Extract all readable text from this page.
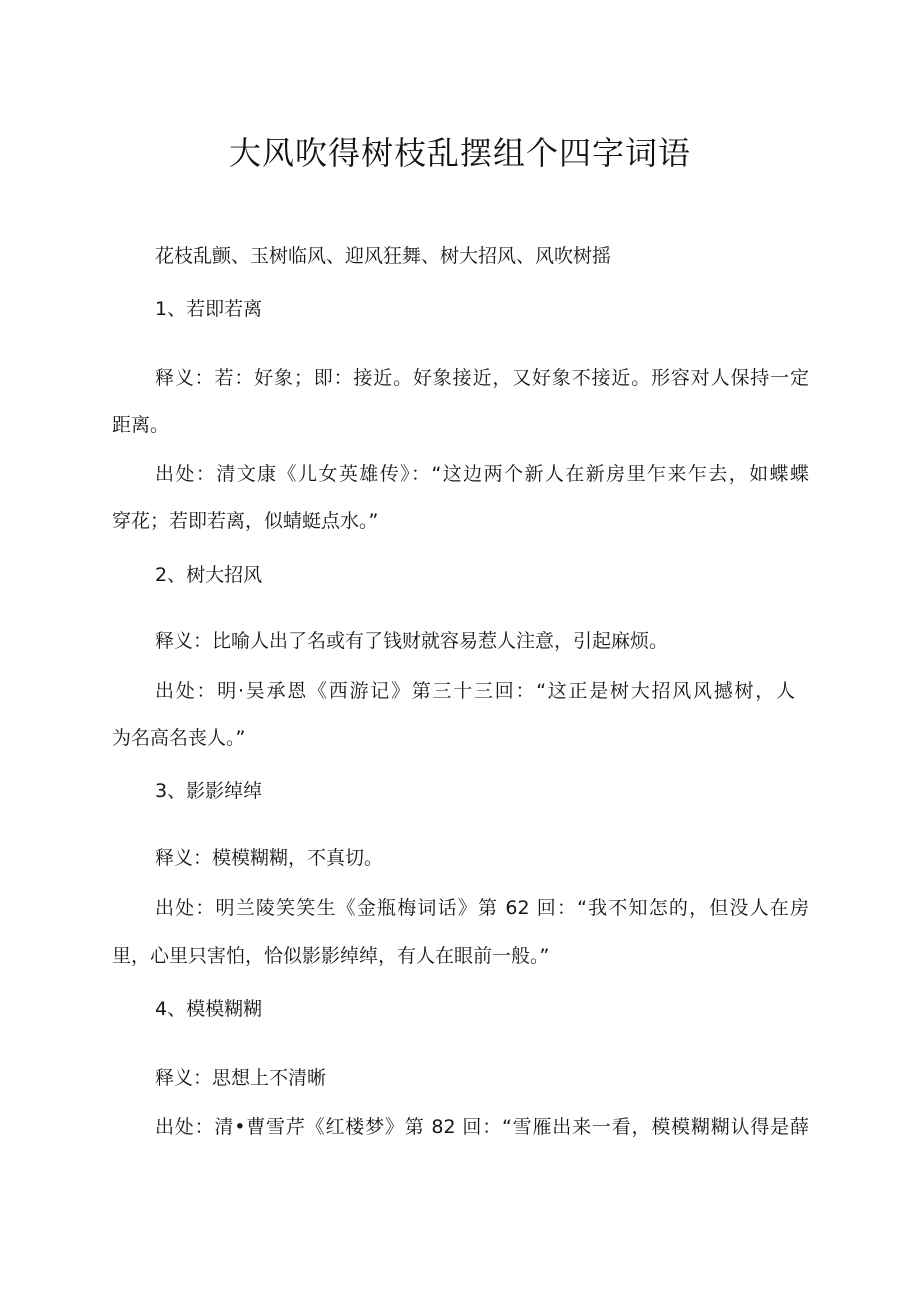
大风吹得树枝乱摆组个四字词语
花枝乱颤、玉树临风、迎风狂舞、树大招风、风吹树摇
1、若即若离
释义：若：好象；即：接近。好象接近，又好象不接近。形容对人保持一定
距离。
出处：清文康《儿女英雄传》：“这边两个新人在新房里乍来乍去，如蝶蝶
穿花；若即若离，似蜻蜓点水。”
2、树大招风
释义：比喻人出了名或有了钱财就容易惹人注意，引起麻烦。
出处：明·吴承恩《西游记》第三十三回：“这正是树大招风风撼树，人
为名高名丧人。”
3、影影绰绰
释义：模模糊糊，不真切。
出处：明兰陵笑笑生《金瓶梅词话》第 62 回：“我不知怎的，但没人在房
里，心里只害怕，恰似影影绰绰，有人在眼前一般。”
4、模模糊糊
释义：思想上不清晰
出处：清•曹雪芹《红楼梦》第 82 回：“雪雁出来一看，模模糊糊认得是薛
